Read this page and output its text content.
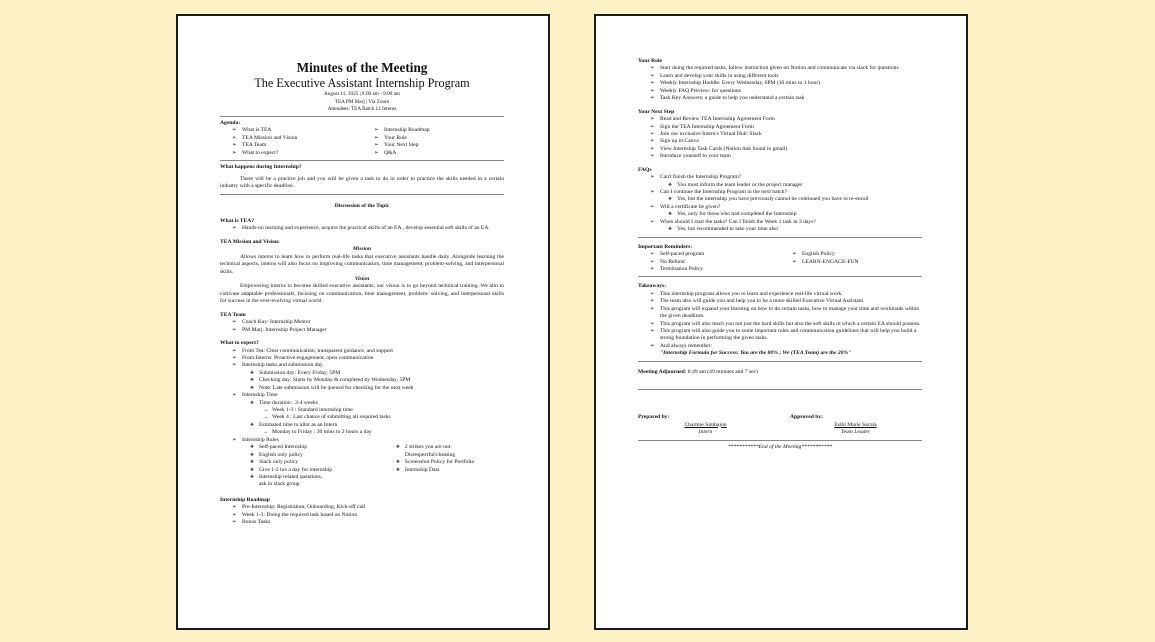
Minutes of the Meeting
The Executive Assistant Internship Program
August 11, 2025 | 8:00 am - 9:00 am
TEA PM Marj | Via Zoom
Attendees: TEA Batch 12 Interns
Agenda:
➢ What is TEA
➢ TEA Mission and Vision
➢ TEA Team
➢ What to expect?
➢ Internship Roadmap
➢ Your Role
➢ Your Next Step
➢ Q&A
What happens during Internship?
There will be a practice job and you will be given a task to do in order to practice the skills needed in a certain industry with a specific deadline.
Discussion of the Topic
What is TEA?
➢ Hands-on learning and experience, acquire the practical skills of an EA , develop essential soft skills of an EA.
TEA Mission and Vision:
Mission
Allows interns to learn how to perform real-life tasks that executive assistants handle daily. Alongside learning the technical aspects, interns will also focus on improving communication, time management, problem-solving, and interpersonal skills.
Vision
Empowering interns to become skilled executive assistants, our vision is to go beyond technical training. We aim to cultivate adaptable professionals, focusing on communication, time management, problem- solving, and interpersonal skills for success in the ever-evolving virtual world.
TEA Team
➢ Coach Kay: Internship Mentor
➢ PM Marj: Internship Project Manager
What to expect?
➢ From Tea: Clear communication, transparent guidance, and support
➢ From Interns: Proactive engagement, open communication
➢ Internship tasks and submission day
❖ Submission day: Every Friday, 5PM
❖ Checking day: Starts by Monday & completed by Wednesday, 5PM
❖ Note: Late submission will be queued for checking for the next week
➢ Internship Time
❖ Time duration : 3-4 weeks
→ Week 1-3 : Standard internship time
→ Week 4 : Last chance of submitting all required tasks
❖ Estimated time to allot as an Intern
→ Monday to Friday : 30 mins to 2 hours a day
➢ Internship Rules
❖ Self-paced Internship
❖ English only policy
❖ Slack only policy
❖ Give 1-2 hrs a day for internship
❖ Internship related questions,
ask in slack group
❖ 2 strikes you are out:
Disrespectful/cheating
❖ Screenshot Policy for Portfolio
❖ Internship Data
Internship Roadmap
➢ Pre-Internship: Registration, Onboarding, Kick-off call
➢ Week 1-3: Doing the required task based on Notion
➢ Bonus Tasks
Your Role
➢ Start doing the required tasks, follow instruction given on Notion and communicate via slack for questions
➢ Learn and develop your skills in using different tools
➢ Weekly Internship Huddle: Every Wednesday, 6PM (30 mins to 1 hour)
➢ Weekly FAQ Preview: for questions
➢ Task Key Answers: a guide to help you understand a certain task
Your Next Step
➢ Read and Review TEA Internship Agreement Form
➢ Sign the TEA Internship Agreement Form
➢ Join our exclusive Intern's Virtual Hub: Slack
➢ Sign up in Canva
➢ View Internship Task Cards (Notion link found in gmail)
➢ Introduce yourself to your team
FAQs
➢ Can't finish the Internship Program?
❖ You must inform the team leader or the project manager
➢ Can I continue the Internship Program in the next batch?
❖ Yes, but the internship you have previously cannot be continued you have to re-enroll
➢ Will a certificate be given?
❖ Yes, only for those who had completed the Internship
➢ When should I start the tasks? Can I finish the Week 1 task in 3 days?
❖ Yes, but recommended to take your time also
Important Reminders:
➢ Self-paced program
➢ No Refund
➢ Termination Policy
➢ English Policy
➢ LEARN-ENGAGE-FUN
Takeaways:
➢ This internship program allows you to learn and experience real-life virtual work.
➢ The team also will guide you and help you to be a more skilled Executive Virtual Assistant.
➢ This program will expand your learning on how to do certain tasks, how to manage your time and workloads within the given deadlines.
➢ This program will also teach you not just the hard skills but also the soft skills in which a certain EA should possess.
➢ This program will also guide you to some important rules and communication guidelines that will help you build a strong foundation in performing the given tasks.
➢ And always remember:
"Internship Formula for Success: You are the 80% ; We (TEA Team) are the 20%"
Meeting Adjourned: 8:49 am (49 minutes and 7 sec)
Prepared by:
Charmie Simbajon
Intern
Approved by:
Esibi Marie Sacala
Team Leader
***********End of the Meeting***********
